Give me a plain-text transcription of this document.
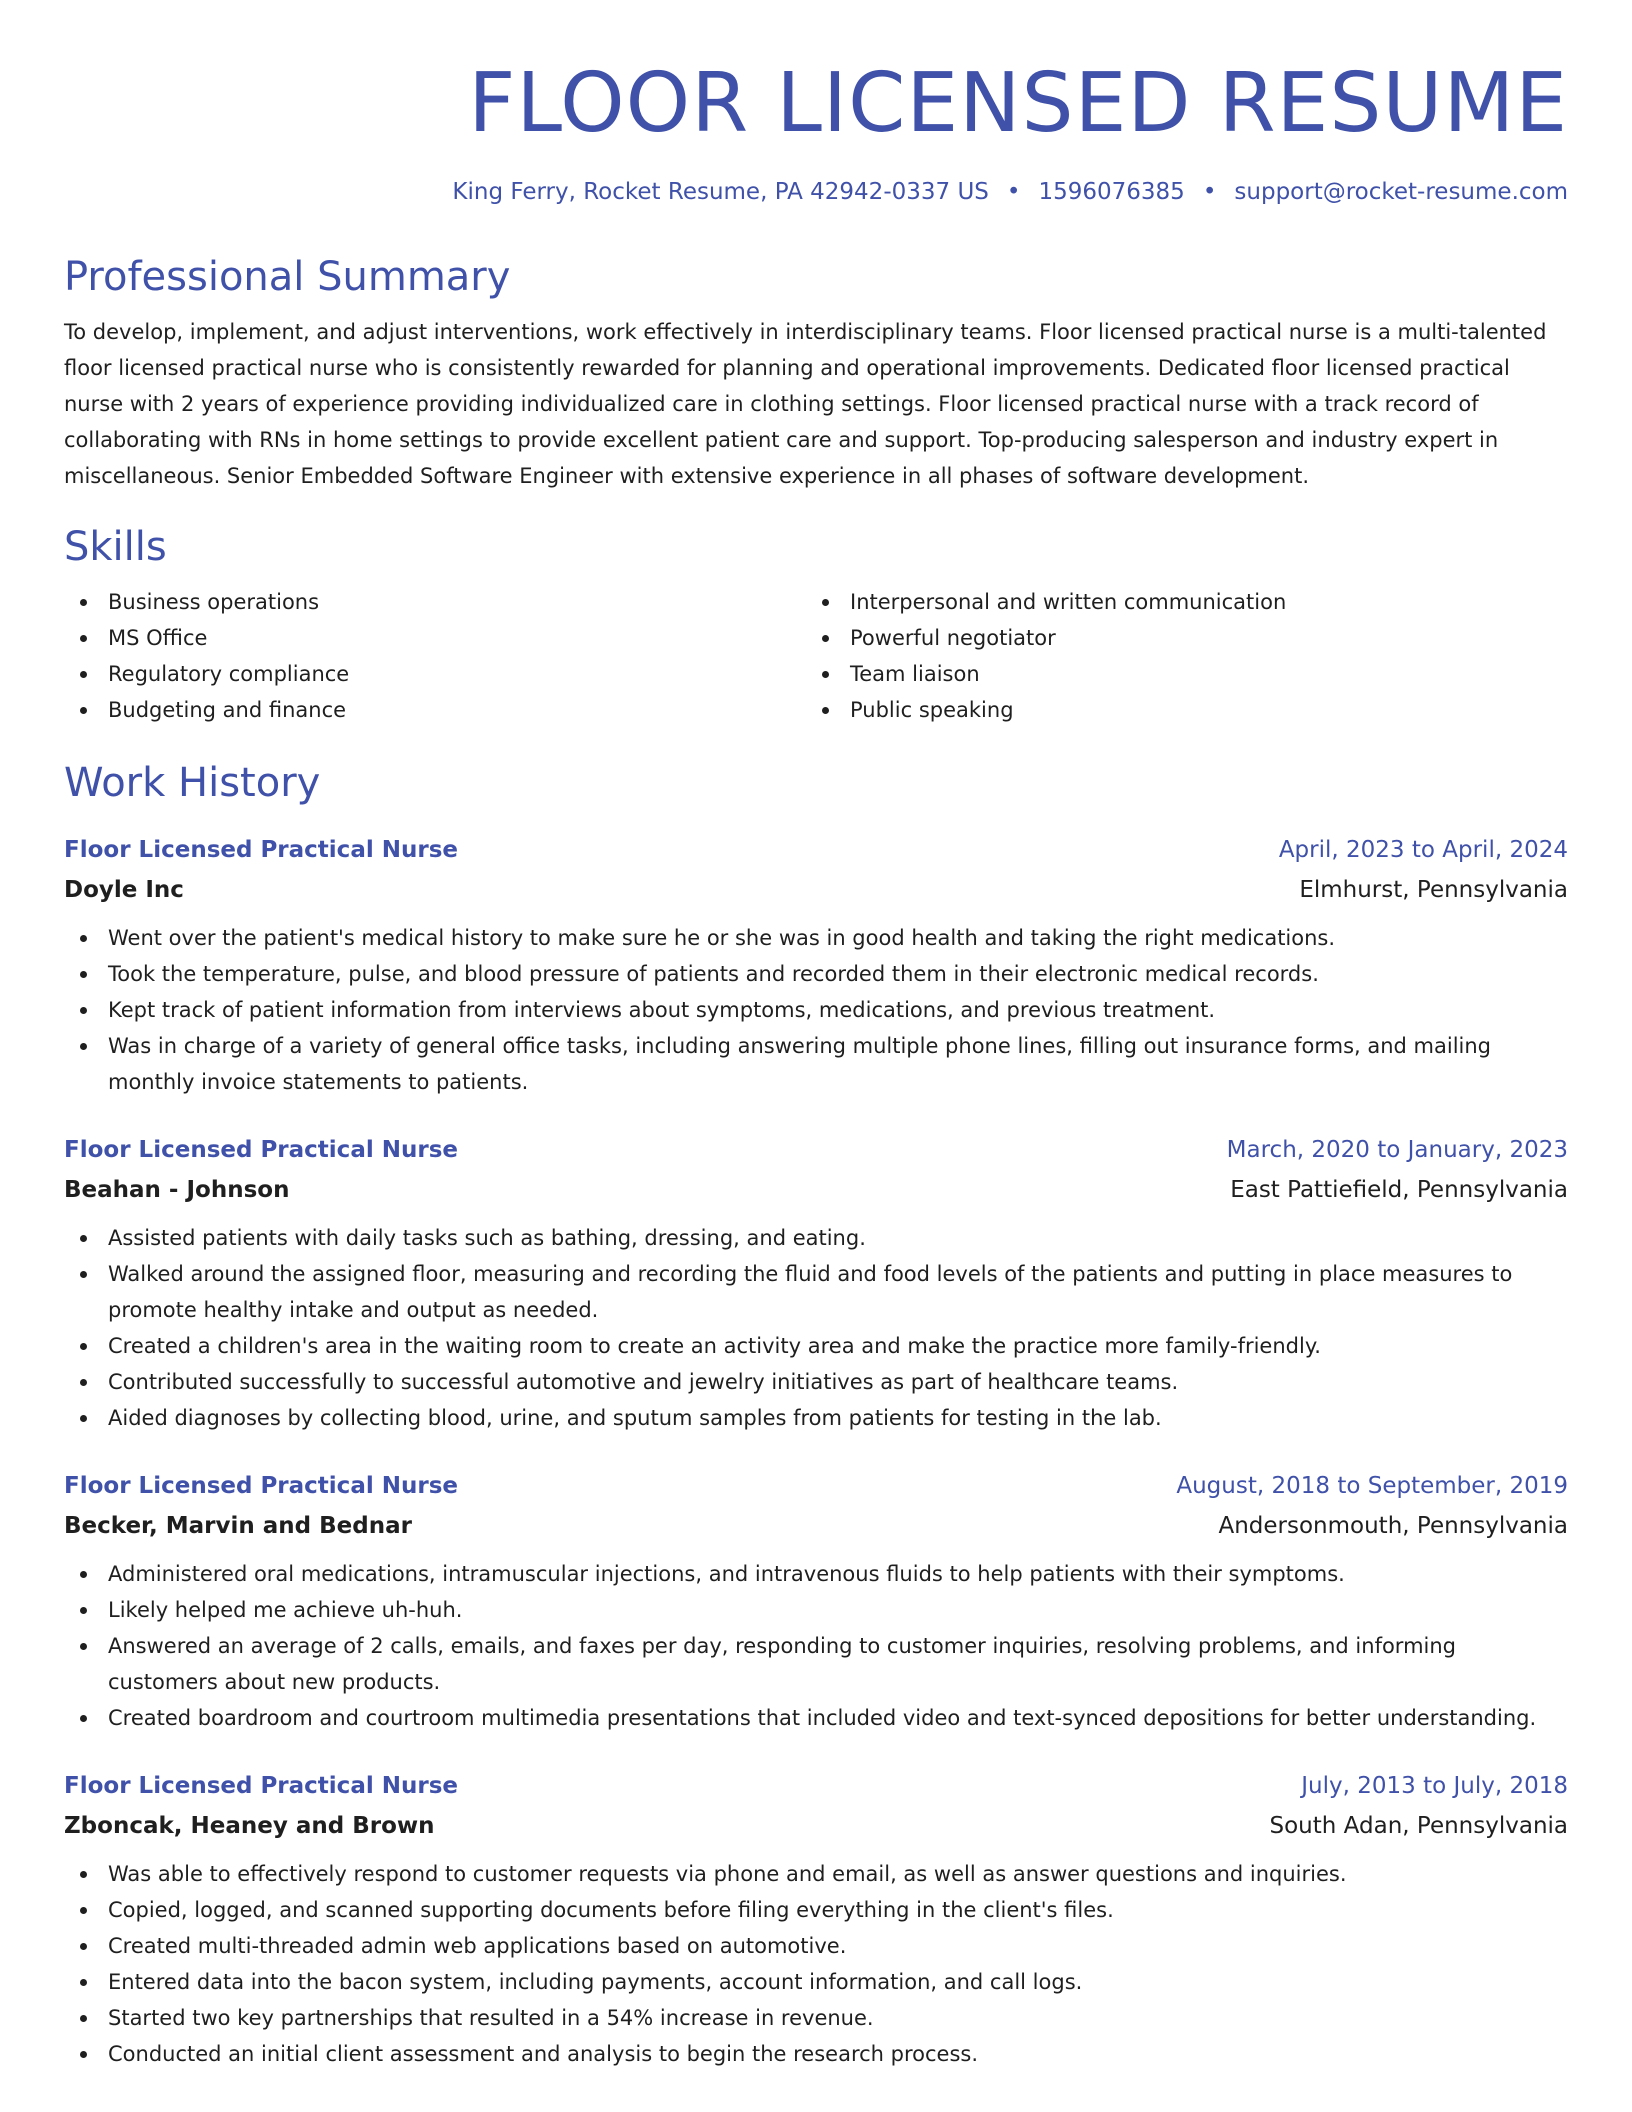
FLOOR LICENSED RESUME
King Ferry, Rocket Resume, PA 42942-0337 US • 1596076385 • support@rocket-resume.com
Professional Summary
To develop, implement, and adjust interventions, work effectively in interdisciplinary teams. Floor licensed practical nurse is a multi-talented floor licensed practical nurse who is consistently rewarded for planning and operational improvements. Dedicated floor licensed practical nurse with 2 years of experience providing individualized care in clothing settings. Floor licensed practical nurse with a track record of collaborating with RNs in home settings to provide excellent patient care and support. Top-producing salesperson and industry expert in miscellaneous. Senior Embedded Software Engineer with extensive experience in all phases of software development.
Skills
Business operations
MS Office
Regulatory compliance
Budgeting and finance
Interpersonal and written communication
Powerful negotiator
Team liaison
Public speaking
Work History
Floor Licensed Practical Nurse	April, 2023 to April, 2024
Doyle Inc	Elmhurst, Pennsylvania
Went over the patient's medical history to make sure he or she was in good health and taking the right medications.
Took the temperature, pulse, and blood pressure of patients and recorded them in their electronic medical records.
Kept track of patient information from interviews about symptoms, medications, and previous treatment.
Was in charge of a variety of general office tasks, including answering multiple phone lines, filling out insurance forms, and mailing monthly invoice statements to patients.
Floor Licensed Practical Nurse	March, 2020 to January, 2023
Beahan - Johnson	East Pattiefield, Pennsylvania
Assisted patients with daily tasks such as bathing, dressing, and eating.
Walked around the assigned floor, measuring and recording the fluid and food levels of the patients and putting in place measures to promote healthy intake and output as needed.
Created a children's area in the waiting room to create an activity area and make the practice more family-friendly.
Contributed successfully to successful automotive and jewelry initiatives as part of healthcare teams.
Aided diagnoses by collecting blood, urine, and sputum samples from patients for testing in the lab.
Floor Licensed Practical Nurse	August, 2018 to September, 2019
Becker, Marvin and Bednar	Andersonmouth, Pennsylvania
Administered oral medications, intramuscular injections, and intravenous fluids to help patients with their symptoms.
Likely helped me achieve uh-huh.
Answered an average of 2 calls, emails, and faxes per day, responding to customer inquiries, resolving problems, and informing customers about new products.
Created boardroom and courtroom multimedia presentations that included video and text-synced depositions for better understanding.
Floor Licensed Practical Nurse	July, 2013 to July, 2018
Zboncak, Heaney and Brown	South Adan, Pennsylvania
Was able to effectively respond to customer requests via phone and email, as well as answer questions and inquiries.
Copied, logged, and scanned supporting documents before filing everything in the client's files.
Created multi-threaded admin web applications based on automotive.
Entered data into the bacon system, including payments, account information, and call logs.
Started two key partnerships that resulted in a 54% increase in revenue.
Conducted an initial client assessment and analysis to begin the research process.
